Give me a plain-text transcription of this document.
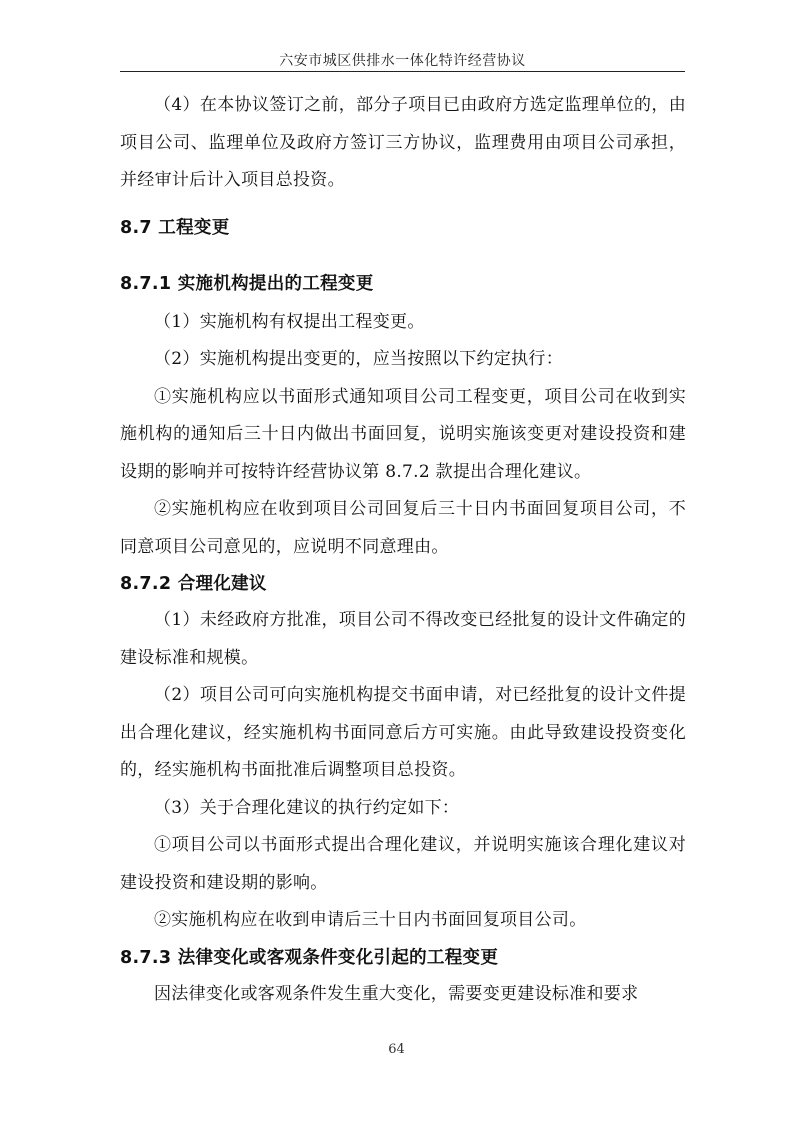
六安市城区供排水一体化特许经营协议

（4）在本协议签订之前，部分子项目已由政府方选定监理单位的，由项目公司、监理单位及政府方签订三方协议，监理费用由项目公司承担，并经审计后计入项目总投资。

8.7 工程变更
8.7.1 实施机构提出的工程变更

（1）实施机构有权提出工程变更。

（2）实施机构提出变更的，应当按照以下约定执行：

①实施机构应以书面形式通知项目公司工程变更，项目公司在收到实施机构的通知后三十日内做出书面回复，说明实施该变更对建设投资和建设期的影响并可按特许经营协议第 8.7.2 款提出合理化建议。

②实施机构应在收到项目公司回复后三十日内书面回复项目公司，不同意项目公司意见的，应说明不同意理由。

8.7.2 合理化建议

（1）未经政府方批准，项目公司不得改变已经批复的设计文件确定的建设标准和规模。

（2）项目公司可向实施机构提交书面申请，对已经批复的设计文件提出合理化建议，经实施机构书面同意后方可实施。由此导致建设投资变化的，经实施机构书面批准后调整项目总投资。

（3）关于合理化建议的执行约定如下：

①项目公司以书面形式提出合理化建议，并说明实施该合理化建议对建设投资和建设期的影响。

②实施机构应在收到申请后三十日内书面回复项目公司。

8.7.3 法律变化或客观条件变化引起的工程变更

因法律变化或客观条件发生重大变化，需要变更建设标准和要求

64
